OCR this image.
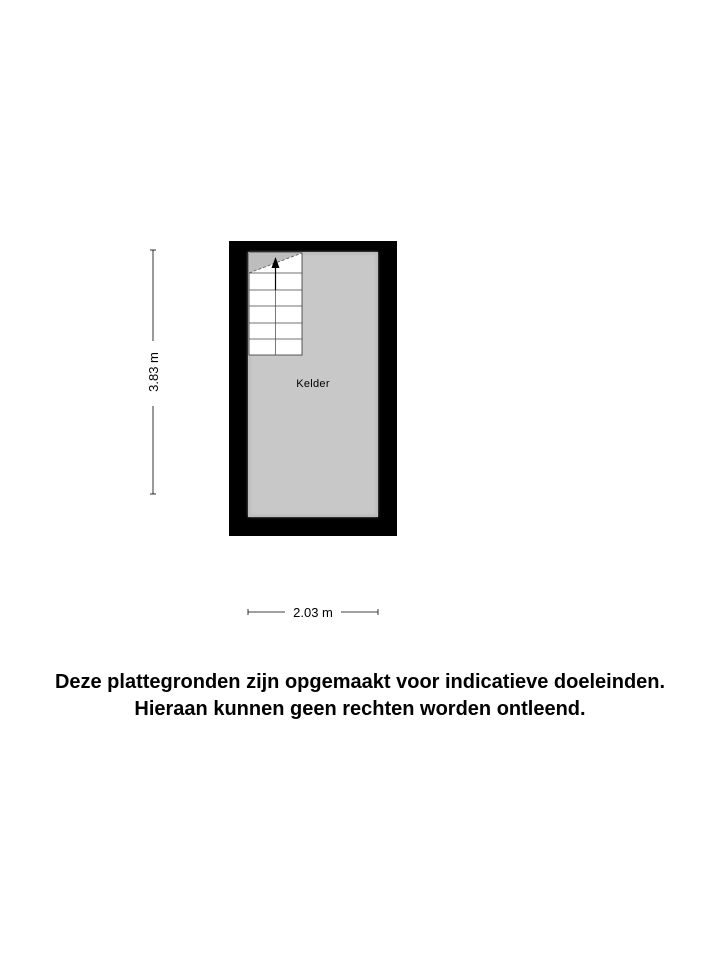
Kelder
3.83 m
2.03 m
Deze plattegronden zijn opgemaakt voor indicatieve doeleinden.
Hieraan kunnen geen rechten worden ontleend.
